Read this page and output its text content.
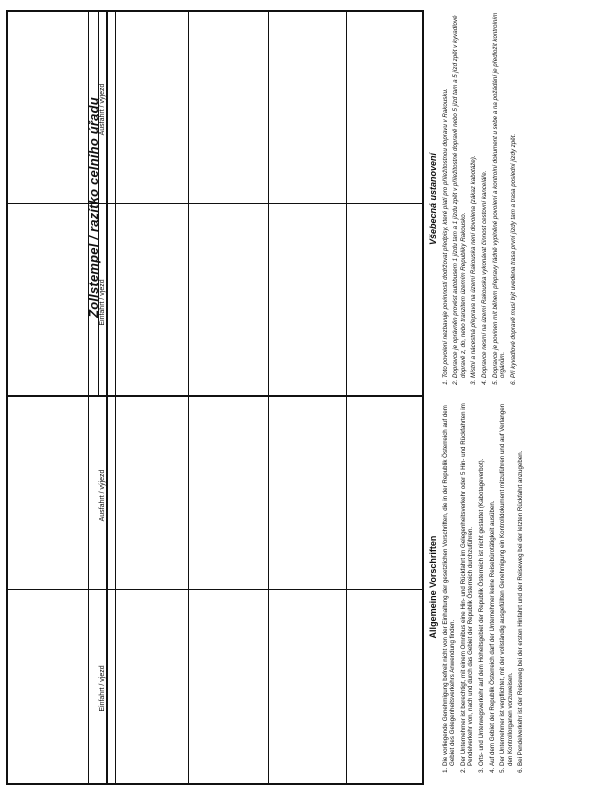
Zollstempel / razítko celního úřadu
Einfahrt / vjezd
Ausfahrt / výjezd
Einfahrt / vjezd
Ausfahrt / výjezd
Allgemeine Vorschriften 1. Die vorliegende Genehmigung befreit nicht von der Einhaltung der gesetzlichen Vorschriften, die in der Republik Österreich auf dem Gebiet des Gelegenheitsverkehrs Anwendung finden. 2. Der Unternehmer ist berechtigt, mit einem Omnibus eine Hin- und Rückfahrt im Gelegenheitsverkehr oder 5 Hin- und Rückfahrten im Pendelverkehr von, nach und durch das Gebiet der Republik Österreich durchzuführen. 3. Orts- und Unterwegsverkehr auf dem Hoheitsgebiet der Republik Österreich ist nicht gestattet (Kabotageverbot). 4. Auf dem Gebiet der Republik Österreich darf der Unternehmer keine Reisebürotätigkeit ausüben. 5. Der Unternehmer ist verpflichtet, mit der vollständig ausgefüllten Genehmigung ein Kontrolldokument mitzuführen und auf Verlangen den Kontrollorganen vorzuweisen. 6. Bei Pendelverkehr ist der Reiseweg bei der ersten Hinfahrt und der Reiseweg bei der letzten Rückfahrt anzugeben.
Všebecná ustanovení 1. Toto povolení nezbavuje povinnosti dodržovat předpisy, které platí pro příležitostnou dopravu v Rakousku. 2. Dopravce je oprávněn provést autobusem 1 jízdu tam a 1 jízdu zpět v příležitostné dopravě nebo 5 jízd tam a 5 jízd zpět v kyvadlové dopravě z, do, nebo tranzitem územím Republiky Rakousko. 3. Místní a nácestná přeprava na území Rakouska není dovolena (zákaz kabotáže). 4. Dopravce nesmí na území Rakouska vykonávat činnost cestovní kanceláře. 5. Dopravce je povinen mít během přepravy řádně vyplněné povolení a kontrolní dokument u sebe a na požádání je předložit kontrolním orgánům. 6. Při kyvadlové dopravě musí být uvedena trasa první jízdy tam a trasa poslední jízdy zpět.
